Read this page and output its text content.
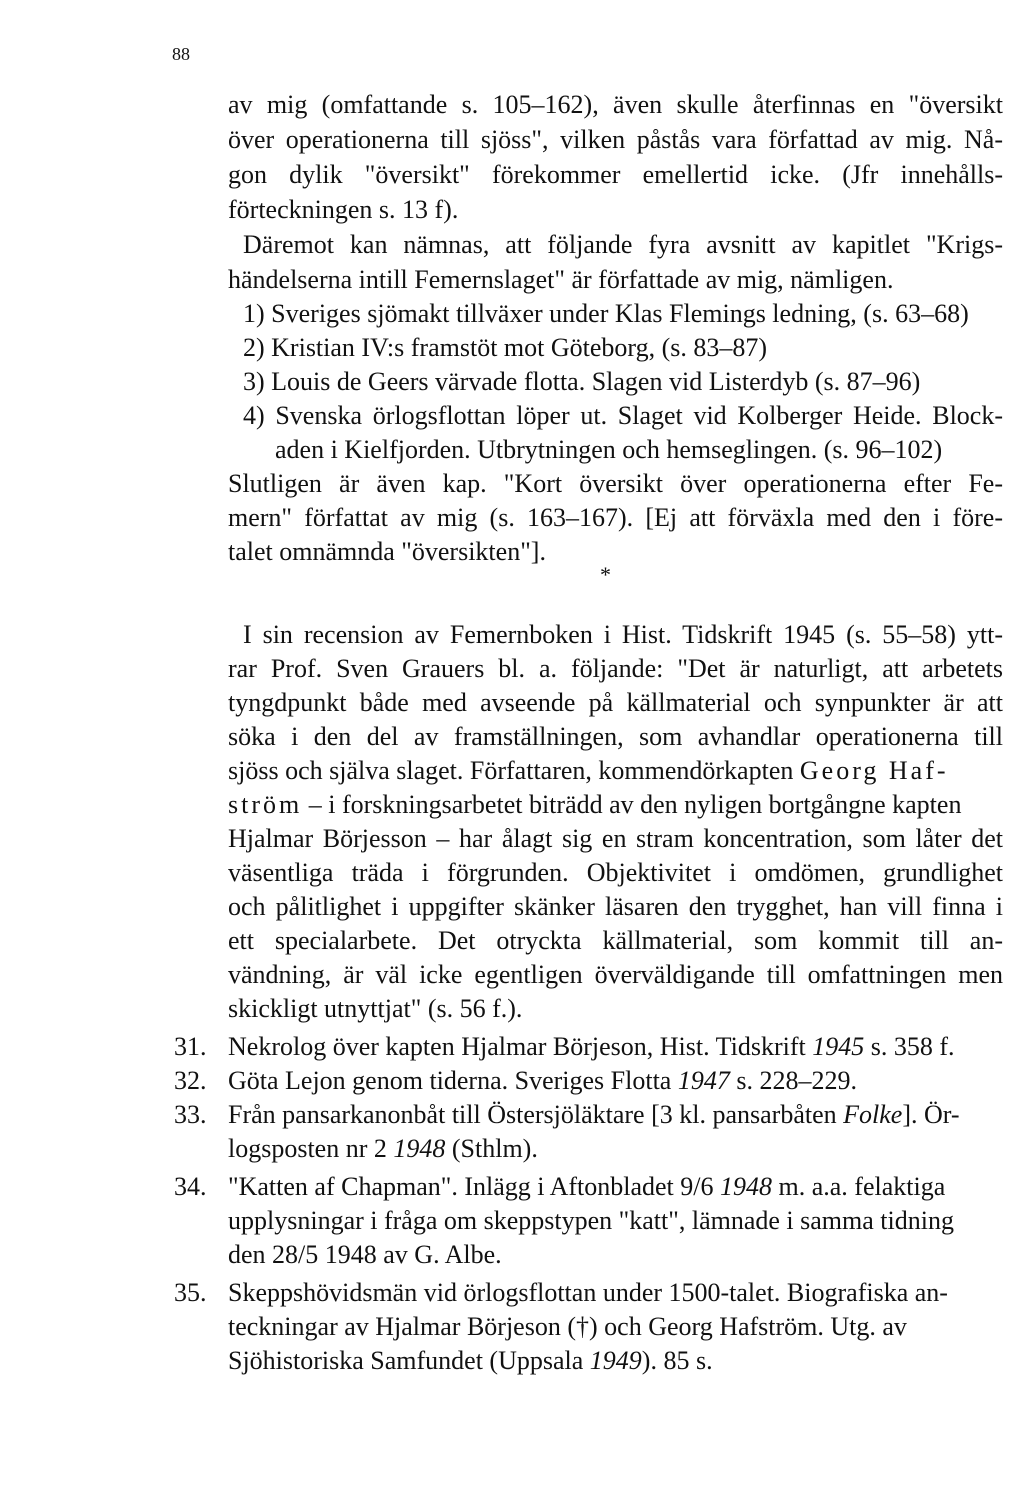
88
av mig (omfattande s. 105–162), även skulle återfinnas en "översikt
över operationerna till sjöss", vilken påstås vara författad av mig. Nå-
gon dylik "översikt" förekommer emellertid icke. (Jfr innehålls-
förteckningen s. 13 f).
Däremot kan nämnas, att följande fyra avsnitt av kapitlet "Krigs-
händelserna intill Femernslaget" är författade av mig, nämligen.
1) Sveriges sjömakt tillväxer under Klas Flemings ledning, (s. 63–68)
2) Kristian IV:s framstöt mot Göteborg, (s. 83–87)
3) Louis de Geers värvade flotta. Slagen vid Listerdyb (s. 87–96)
4) Svenska örlogsflottan löper ut. Slaget vid Kolberger Heide. Block-
aden i Kielfjorden. Utbrytningen och hemseglingen. (s. 96–102)
Slutligen är även kap. "Kort översikt över operationerna efter Fe-
mern" författat av mig (s. 163–167). [Ej att förväxla med den i före-
talet omnämnda "översikten"].
*
I sin recension av Femernboken i Hist. Tidskrift 1945 (s. 55–58) ytt-
rar Prof. Sven Grauers bl. a. följande: "Det är naturligt, att arbetets
tyngdpunkt både med avseende på källmaterial och synpunkter är att
söka i den del av framställningen, som avhandlar operationerna till
sjöss och själva slaget. Författaren, kommendörkapten Georg Haf-
ström – i forskningsarbetet biträdd av den nyligen bortgångne kapten
Hjalmar Börjesson – har ålagt sig en stram koncentration, som låter det
väsentliga träda i förgrunden. Objektivitet i omdömen, grundlighet
och pålitlighet i uppgifter skänker läsaren den trygghet, han vill finna i
ett specialarbete. Det otryckta källmaterial, som kommit till an-
vändning, är väl icke egentligen överväldigande till omfattningen men
skickligt utnyttjat" (s. 56 f.).
31. Nekrolog över kapten Hjalmar Börjeson, Hist. Tidskrift 1945 s. 358 f.
32. Göta Lejon genom tiderna. Sveriges Flotta 1947 s. 228–229.
33. Från pansarkanonbåt till Östersjöläktare [3 kl. pansarbåten Folke]. Ör-
logsposten nr 2 1948 (Sthlm).
34. "Katten af Chapman". Inlägg i Aftonbladet 9/6 1948 m. a.a. felaktiga
upplysningar i fråga om skeppstypen "katt", lämnade i samma tidning
den 28/5 1948 av G. Albe.
35. Skeppshövidsmän vid örlogsflottan under 1500-talet. Biografiska an-
teckningar av Hjalmar Börjeson (†) och Georg Hafström. Utg. av
Sjöhistoriska Samfundet (Uppsala 1949). 85 s.
